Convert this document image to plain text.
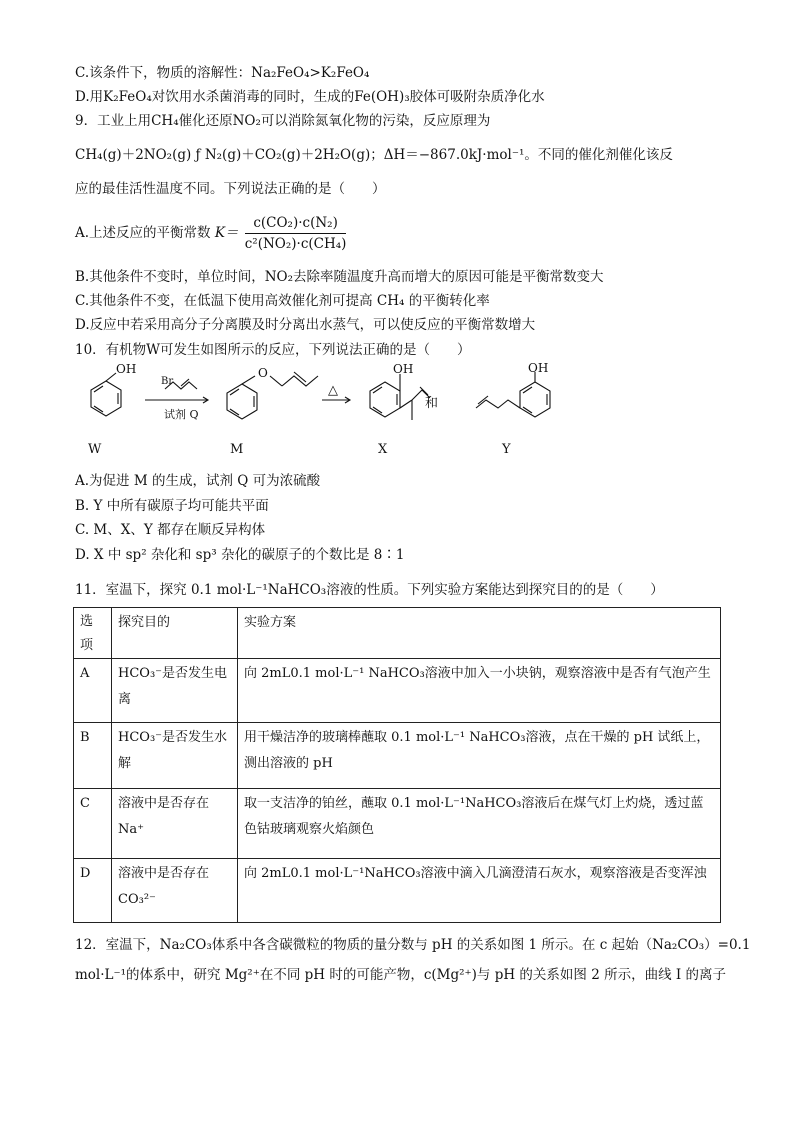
C.该条件下，物质的溶解性：Na₂FeO₄>K₂FeO₄
D.用K₂FeO₄对饮用水杀菌消毒的同时，生成的Fe(OH)₃胶体可吸附杂质净化水
9．工业上用CH₄催化还原NO₂可以消除氮氧化物的污染，反应原理为
CH₄(g)＋2NO₂(g) ƒ N₂(g)＋CO₂(g)＋2H₂O(g)；ΔH＝−867.0kJ·mol⁻¹。不同的催化剂催化该反
应的最佳活性温度不同。下列说法正确的是（　　）
A.上述反应的平衡常数 $K= \frac{\text{c(CO₂)·c(N₂)}}{\text{c²(NO₂)·c(CH₄)}}$
B.其他条件不变时，单位时间，NO₂去除率随温度升高而增大的原因可能是平衡常数变大
C.其他条件不变，在低温下使用高效催化剂可提高 CH₄ 的平衡转化率
D.反应中若采用高分子分离膜及时分离出水蒸气，可以使反应的平衡常数增大
10．有机物W可发生如图所示的反应，下列说法正确的是（　　）
OH
Br
试剂 Q
O
△
OH
和
OH
W	M	X	Y
A.为促进 M 的生成，试剂 Q 可为浓硫酸
B. Y 中所有碳原子均可能共平面
C. M、X、Y 都存在顺反异构体
D. X 中 sp² 杂化和 sp³ 杂化的碳原子的个数比是 8∶1
11．室温下，探究 0.1 mol·L⁻¹NaHCO₃溶液的性质。下列实验方案能达到探究目的的是（　　）
选项	探究目的	实验方案
A	HCO₃⁻是否发生电离	向 2mL0.1 mol·L⁻¹ NaHCO₃溶液中加入一小块钠，观察溶液中是否有气泡产生
B	HCO₃⁻是否发生水解	用干燥洁净的玻璃棒蘸取 0.1 mol·L⁻¹ NaHCO₃溶液，点在干燥的 pH 试纸上，测出溶液的 pH
C	溶液中是否存在Na⁺	取一支洁净的铂丝，蘸取 0.1 mol·L⁻¹NaHCO₃溶液后在煤气灯上灼烧，透过蓝色钴玻璃观察火焰颜色
D	溶液中是否存在CO₃²⁻	向 2mL0.1 mol·L⁻¹NaHCO₃溶液中滴入几滴澄清石灰水，观察溶液是否变浑浊
12．室温下，Na₂CO₃体系中各含碳微粒的物质的量分数与 pH 的关系如图 1 所示。在 c 起始（Na₂CO₃）=0.1
mol·L⁻¹的体系中，研究 Mg²⁺在不同 pH 时的可能产物，c(Mg²⁺)与 pH 的关系如图 2 所示，曲线 I 的离子
